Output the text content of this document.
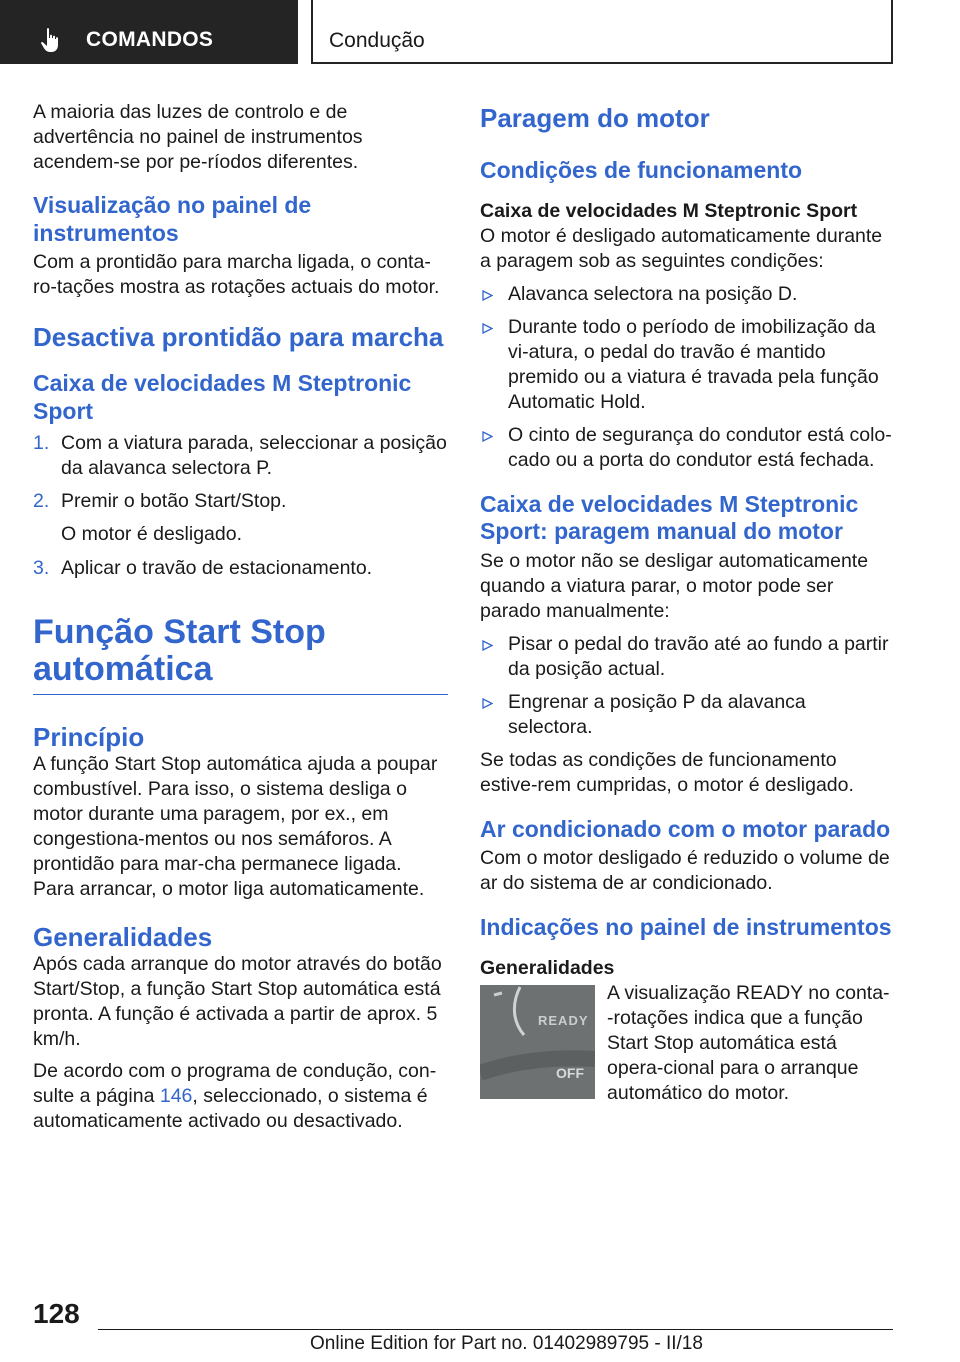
COMANDOS	Condução

A maioria das luzes de controlo e de advertência no painel de instrumentos acendem-se por pe-ríodos diferentes.

Visualização no painel de instrumentos

Com a prontidão para marcha ligada, o conta-ro-tações mostra as rotações actuais do motor.

Desactiva prontidão para marcha
Caixa de velocidades M Steptronic Sport
1. Com a viatura parada, seleccionar a posição da alavanca selectora P.
2. Premir o botão Start/Stop.
O motor é desligado.
3. Aplicar o travão de estacionamento.
Função Start Stop automática
Princípio

A função Start Stop automática ajuda a poupar combustível. Para isso, o sistema desliga o motor durante uma paragem, por ex., em congestiona-mentos ou nos semáforos. A prontidão para mar-cha permanece ligada. Para arrancar, o motor liga automaticamente.

Generalidades

Após cada arranque do motor através do botão Start/Stop, a função Start Stop automática está pronta. A função é activada a partir de aprox. 5 km/h.

De acordo com o programa de condução, con-sulte a página 146, seleccionado, o sistema é automaticamente activado ou desactivado.

Paragem do motor
Condições de funcionamento
Caixa de velocidades M Steptronic Sport

O motor é desligado automaticamente durante a paragem sob as seguintes condições:

Alavanca selectora na posição D.
Durante todo o período de imobilização da vi-atura, o pedal do travão é mantido premido ou a viatura é travada pela função Automatic Hold.
O cinto de segurança do condutor está colo-cado ou a porta do condutor está fechada.
Caixa de velocidades M Steptronic Sport: paragem manual do motor

Se o motor não se desligar automaticamente quando a viatura parar, o motor pode ser parado manualmente:

Pisar o pedal do travão até ao fundo a partir da posição actual.
Engrenar a posição P da alavanca selectora.

Se todas as condições de funcionamento estive-rem cumpridas, o motor é desligado.

Ar condicionado com o motor parado

Com o motor desligado é reduzido o volume de ar do sistema de ar condicionado.

Indicações no painel de instrumentos
Generalidades
READY
OFF

A visualização READY no conta--rotações indica que a função Start Stop automática está opera-cional para o arranque automático do motor.

128
Online Edition for Part no. 01402989795 - II/18
